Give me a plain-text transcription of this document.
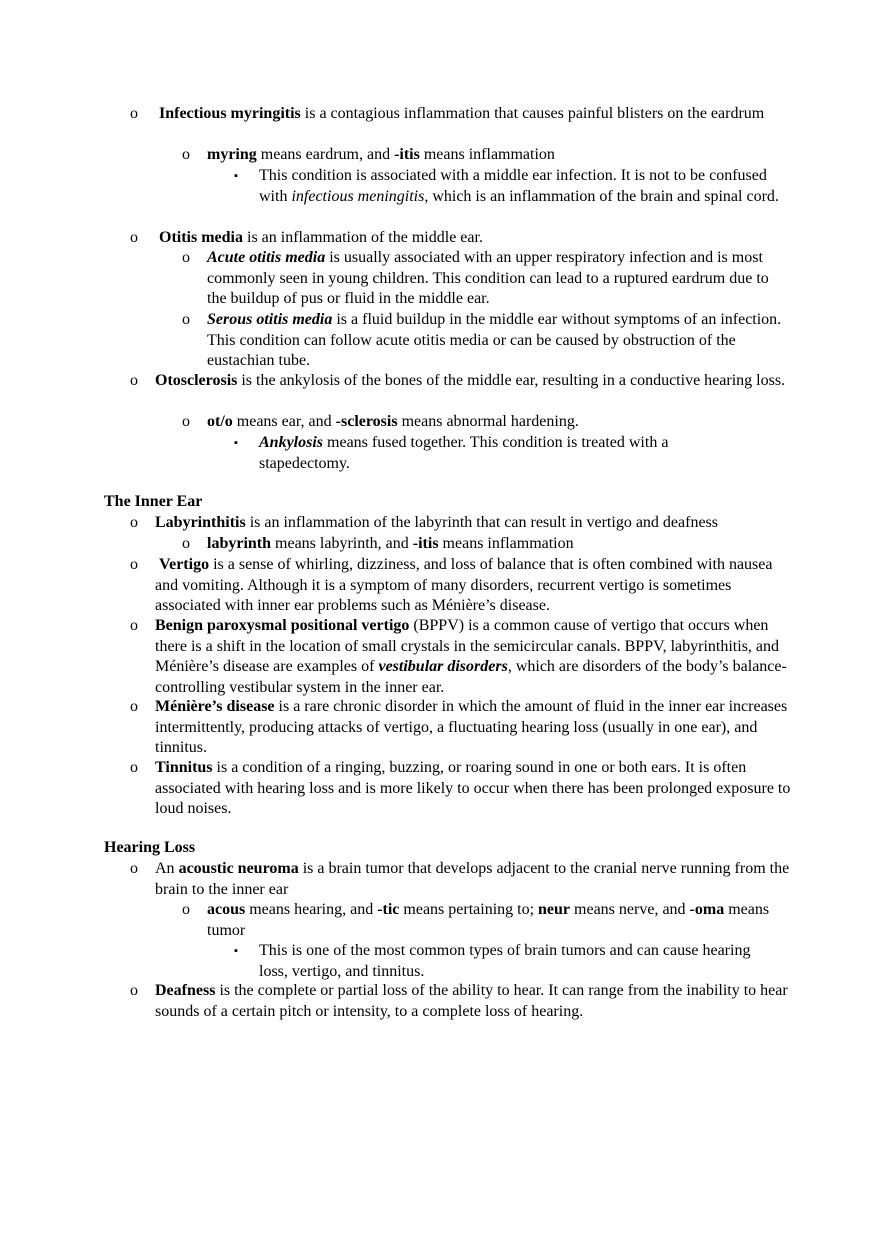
o Infectious myringitis is a contagious inflammation that causes painful blisters on the eardrum
o myring means eardrum, and -itis means inflammation
▪ This condition is associated with a middle ear infection. It is not to be confused with infectious meningitis, which is an inflammation of the brain and spinal cord.
o Otitis media is an inflammation of the middle ear.
o Acute otitis media is usually associated with an upper respiratory infection and is most commonly seen in young children. This condition can lead to a ruptured eardrum due to the buildup of pus or fluid in the middle ear.
o Serous otitis media is a fluid buildup in the middle ear without symptoms of an infection. This condition can follow acute otitis media or can be caused by obstruction of the eustachian tube.
o Otosclerosis is the ankylosis of the bones of the middle ear, resulting in a conductive hearing loss.
o ot/o means ear, and -sclerosis means abnormal hardening.
▪ Ankylosis means fused together. This condition is treated with a stapedectomy.
The Inner Ear
o Labyrinthitis is an inflammation of the labyrinth that can result in vertigo and deafness
o labyrinth means labyrinth, and -itis means inflammation
o Vertigo is a sense of whirling, dizziness, and loss of balance that is often combined with nausea and vomiting. Although it is a symptom of many disorders, recurrent vertigo is sometimes associated with inner ear problems such as Ménière’s disease.
o Benign paroxysmal positional vertigo (BPPV) is a common cause of vertigo that occurs when there is a shift in the location of small crystals in the semicircular canals. BPPV, labyrinthitis, and Ménière’s disease are examples of vestibular disorders, which are disorders of the body’s balance-controlling vestibular system in the inner ear.
o Ménière’s disease is a rare chronic disorder in which the amount of fluid in the inner ear increases intermittently, producing attacks of vertigo, a fluctuating hearing loss (usually in one ear), and tinnitus.
o Tinnitus is a condition of a ringing, buzzing, or roaring sound in one or both ears. It is often associated with hearing loss and is more likely to occur when there has been prolonged exposure to loud noises.
Hearing Loss
o An acoustic neuroma is a brain tumor that develops adjacent to the cranial nerve running from the brain to the inner ear
o acous means hearing, and -tic means pertaining to; neur means nerve, and -oma means tumor
▪ This is one of the most common types of brain tumors and can cause hearing loss, vertigo, and tinnitus.
o Deafness is the complete or partial loss of the ability to hear. It can range from the inability to hear sounds of a certain pitch or intensity, to a complete loss of hearing.
